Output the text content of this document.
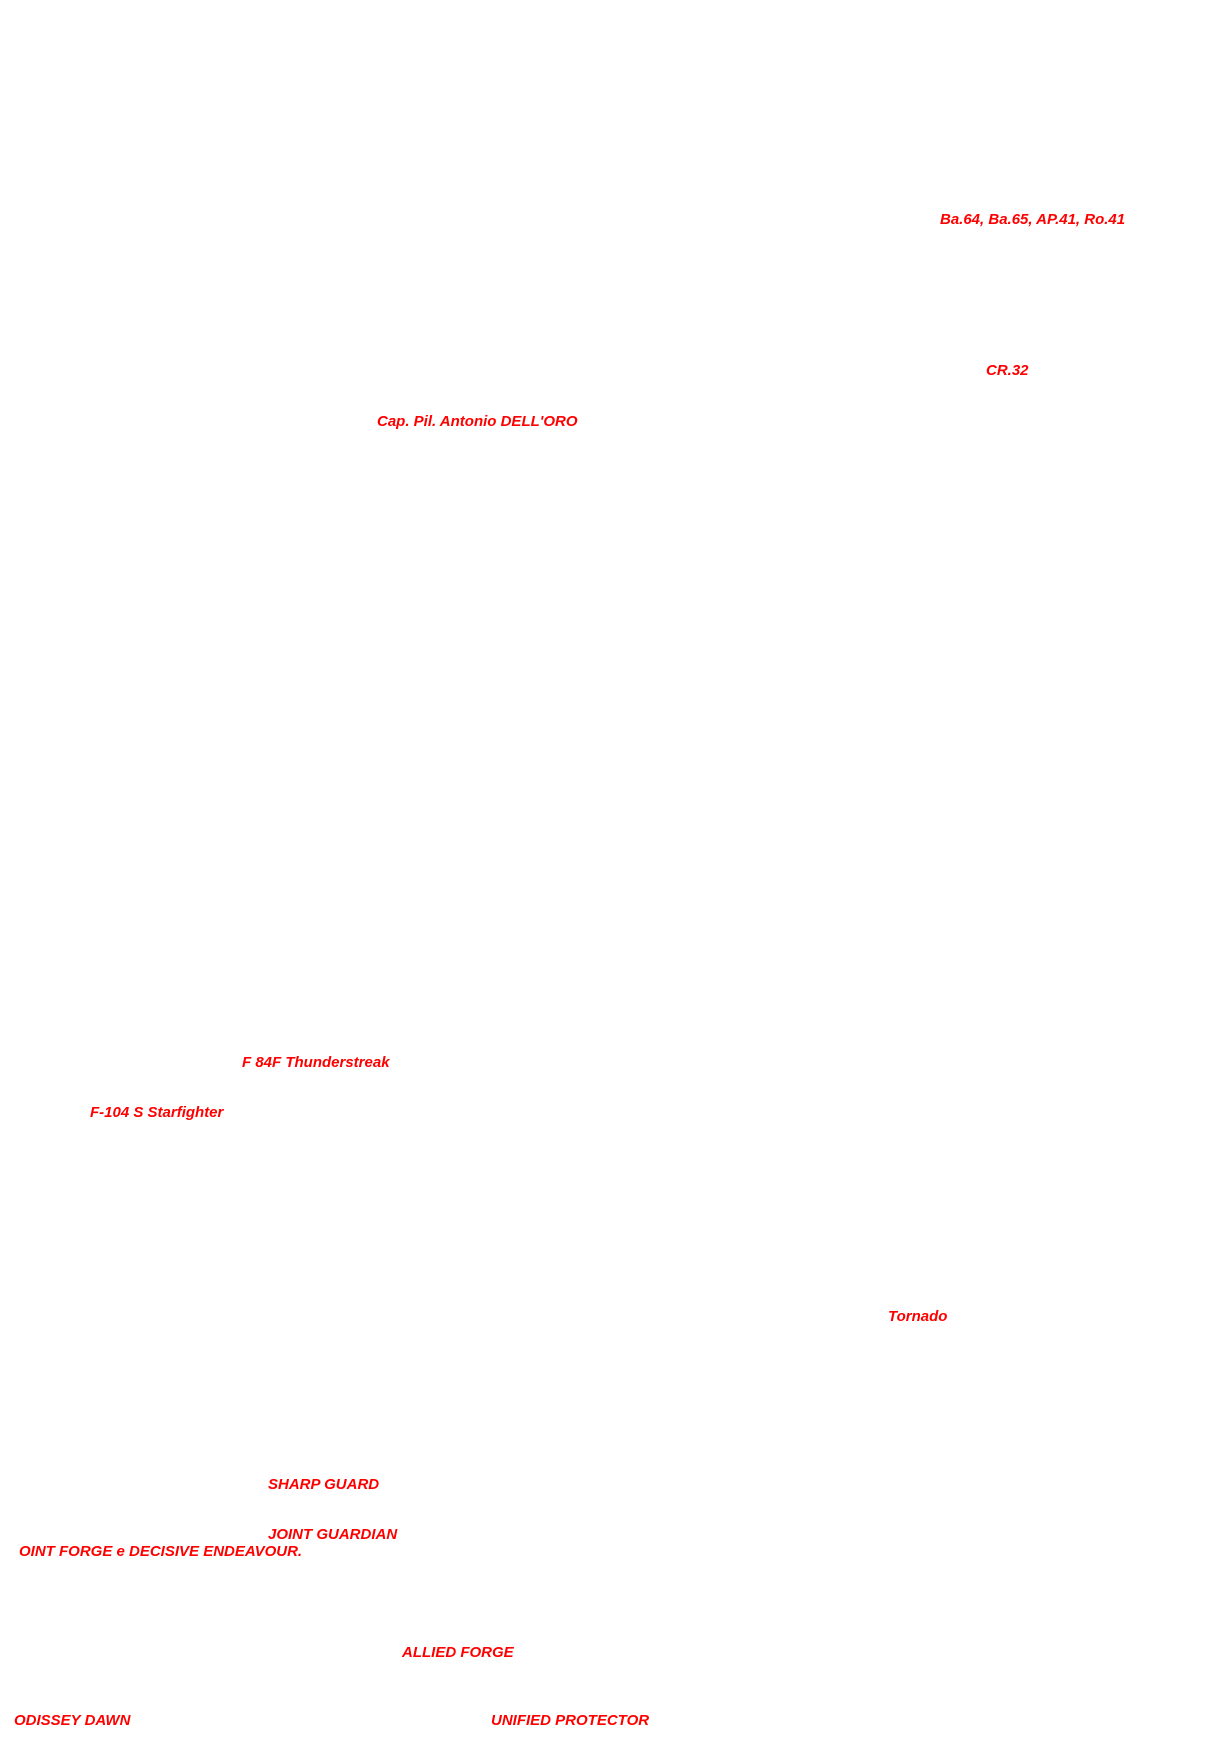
Ba.64, Ba.65, AP.41, Ro.41

CR.32

Cap. Pil. Antonio DELL'ORO

F 84F Thunderstreak

F-104 S Starfighter

Tornado

SHARP GUARD

JOINT GUARDIAN

OINT FORGE e DECISIVE ENDEAVOUR.

ALLIED FORGE

ODISSEY DAWN	UNIFIED PROTECTOR
